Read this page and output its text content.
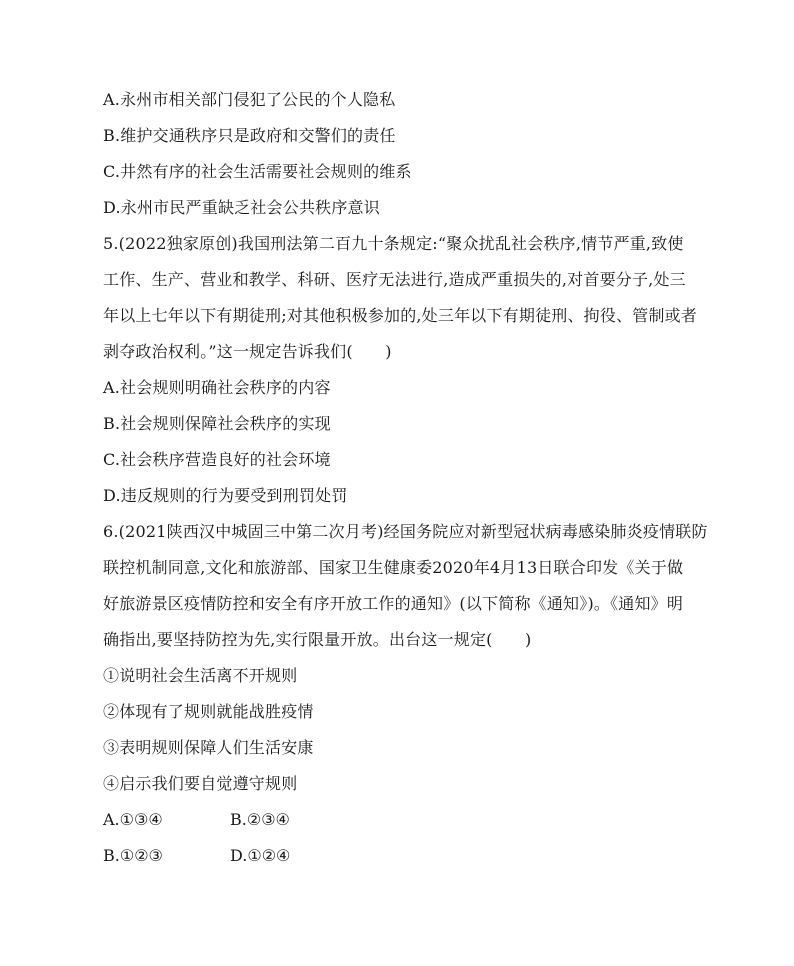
A.永州市相关部门侵犯了公民的个人隐私
B.维护交通秩序只是政府和交警们的责任
C.井然有序的社会生活需要社会规则的维系
D.永州市民严重缺乏社会公共秩序意识
5.(2022独家原创)我国刑法第二百九十条规定:“聚众扰乱社会秩序,情节严重,致使
工作、生产、营业和教学、科研、医疗无法进行,造成严重损失的,对首要分子,处三
年以上七年以下有期徒刑;对其他积极参加的,处三年以下有期徒刑、拘役、管制或者
剥夺政治权利。”这一规定告诉我们(　　)
A.社会规则明确社会秩序的内容
B.社会规则保障社会秩序的实现
C.社会秩序营造良好的社会环境
D.违反规则的行为要受到刑罚处罚
6.(2021陕西汉中城固三中第二次月考)经国务院应对新型冠状病毒感染肺炎疫情联防
联控机制同意,文化和旅游部、国家卫生健康委2020年4月13日联合印发《关于做
好旅游景区疫情防控和安全有序开放工作的通知》(以下简称《通知》)。《通知》明
确指出,要坚持防控为先,实行限量开放。出台这一规定(　　)
①说明社会生活离不开规则
②体现有了规则就能战胜疫情
③表明规则保障人们生活安康
④启示我们要自觉遵守规则
A.①③④	B.②③④
B.①②③	D.①②④
